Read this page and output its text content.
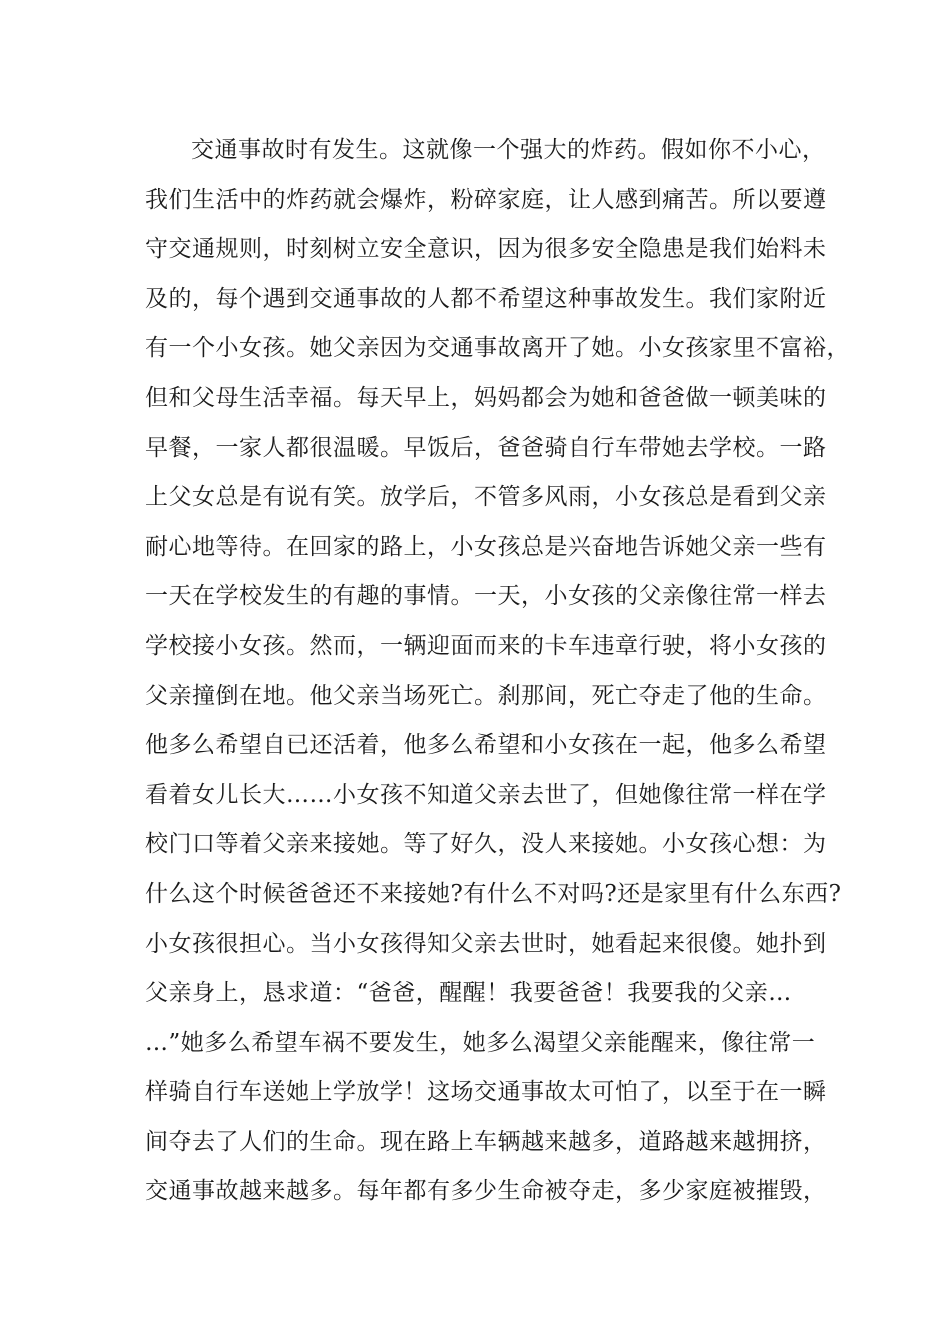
交通事故时有发生。这就像一个强大的炸药。假如你不小心，
我们生活中的炸药就会爆炸，粉碎家庭，让人感到痛苦。所以要遵
守交通规则，时刻树立安全意识，因为很多安全隐患是我们始料未
及的，每个遇到交通事故的人都不希望这种事故发生。我们家附近
有一个小女孩。她父亲因为交通事故离开了她。小女孩家里不富裕，
但和父母生活幸福。每天早上，妈妈都会为她和爸爸做一顿美味的
早餐，一家人都很温暖。早饭后，爸爸骑自行车带她去学校。一路
上父女总是有说有笑。放学后，不管多风雨，小女孩总是看到父亲
耐心地等待。在回家的路上，小女孩总是兴奋地告诉她父亲一些有
一天在学校发生的有趣的事情。一天，小女孩的父亲像往常一样去
学校接小女孩。然而，一辆迎面而来的卡车违章行驶，将小女孩的
父亲撞倒在地。他父亲当场死亡。刹那间，死亡夺走了他的生命。
他多么希望自已还活着，他多么希望和小女孩在一起，他多么希望
看着女儿长大……小女孩不知道父亲去世了，但她像往常一样在学
校门口等着父亲来接她。等了好久，没人来接她。小女孩心想：为
什么这个时候爸爸还不来接她?有什么不对吗?还是家里有什么东西?
小女孩很担心。当小女孩得知父亲去世时，她看起来很傻。她扑到
父亲身上，恳求道：“爸爸，醒醒！我要爸爸！我要我的父亲…
…”她多么希望车祸不要发生，她多么渴望父亲能醒来，像往常一
样骑自行车送她上学放学！这场交通事故太可怕了，以至于在一瞬
间夺去了人们的生命。现在路上车辆越来越多，道路越来越拥挤，
交通事故越来越多。每年都有多少生命被夺走，多少家庭被摧毁，
